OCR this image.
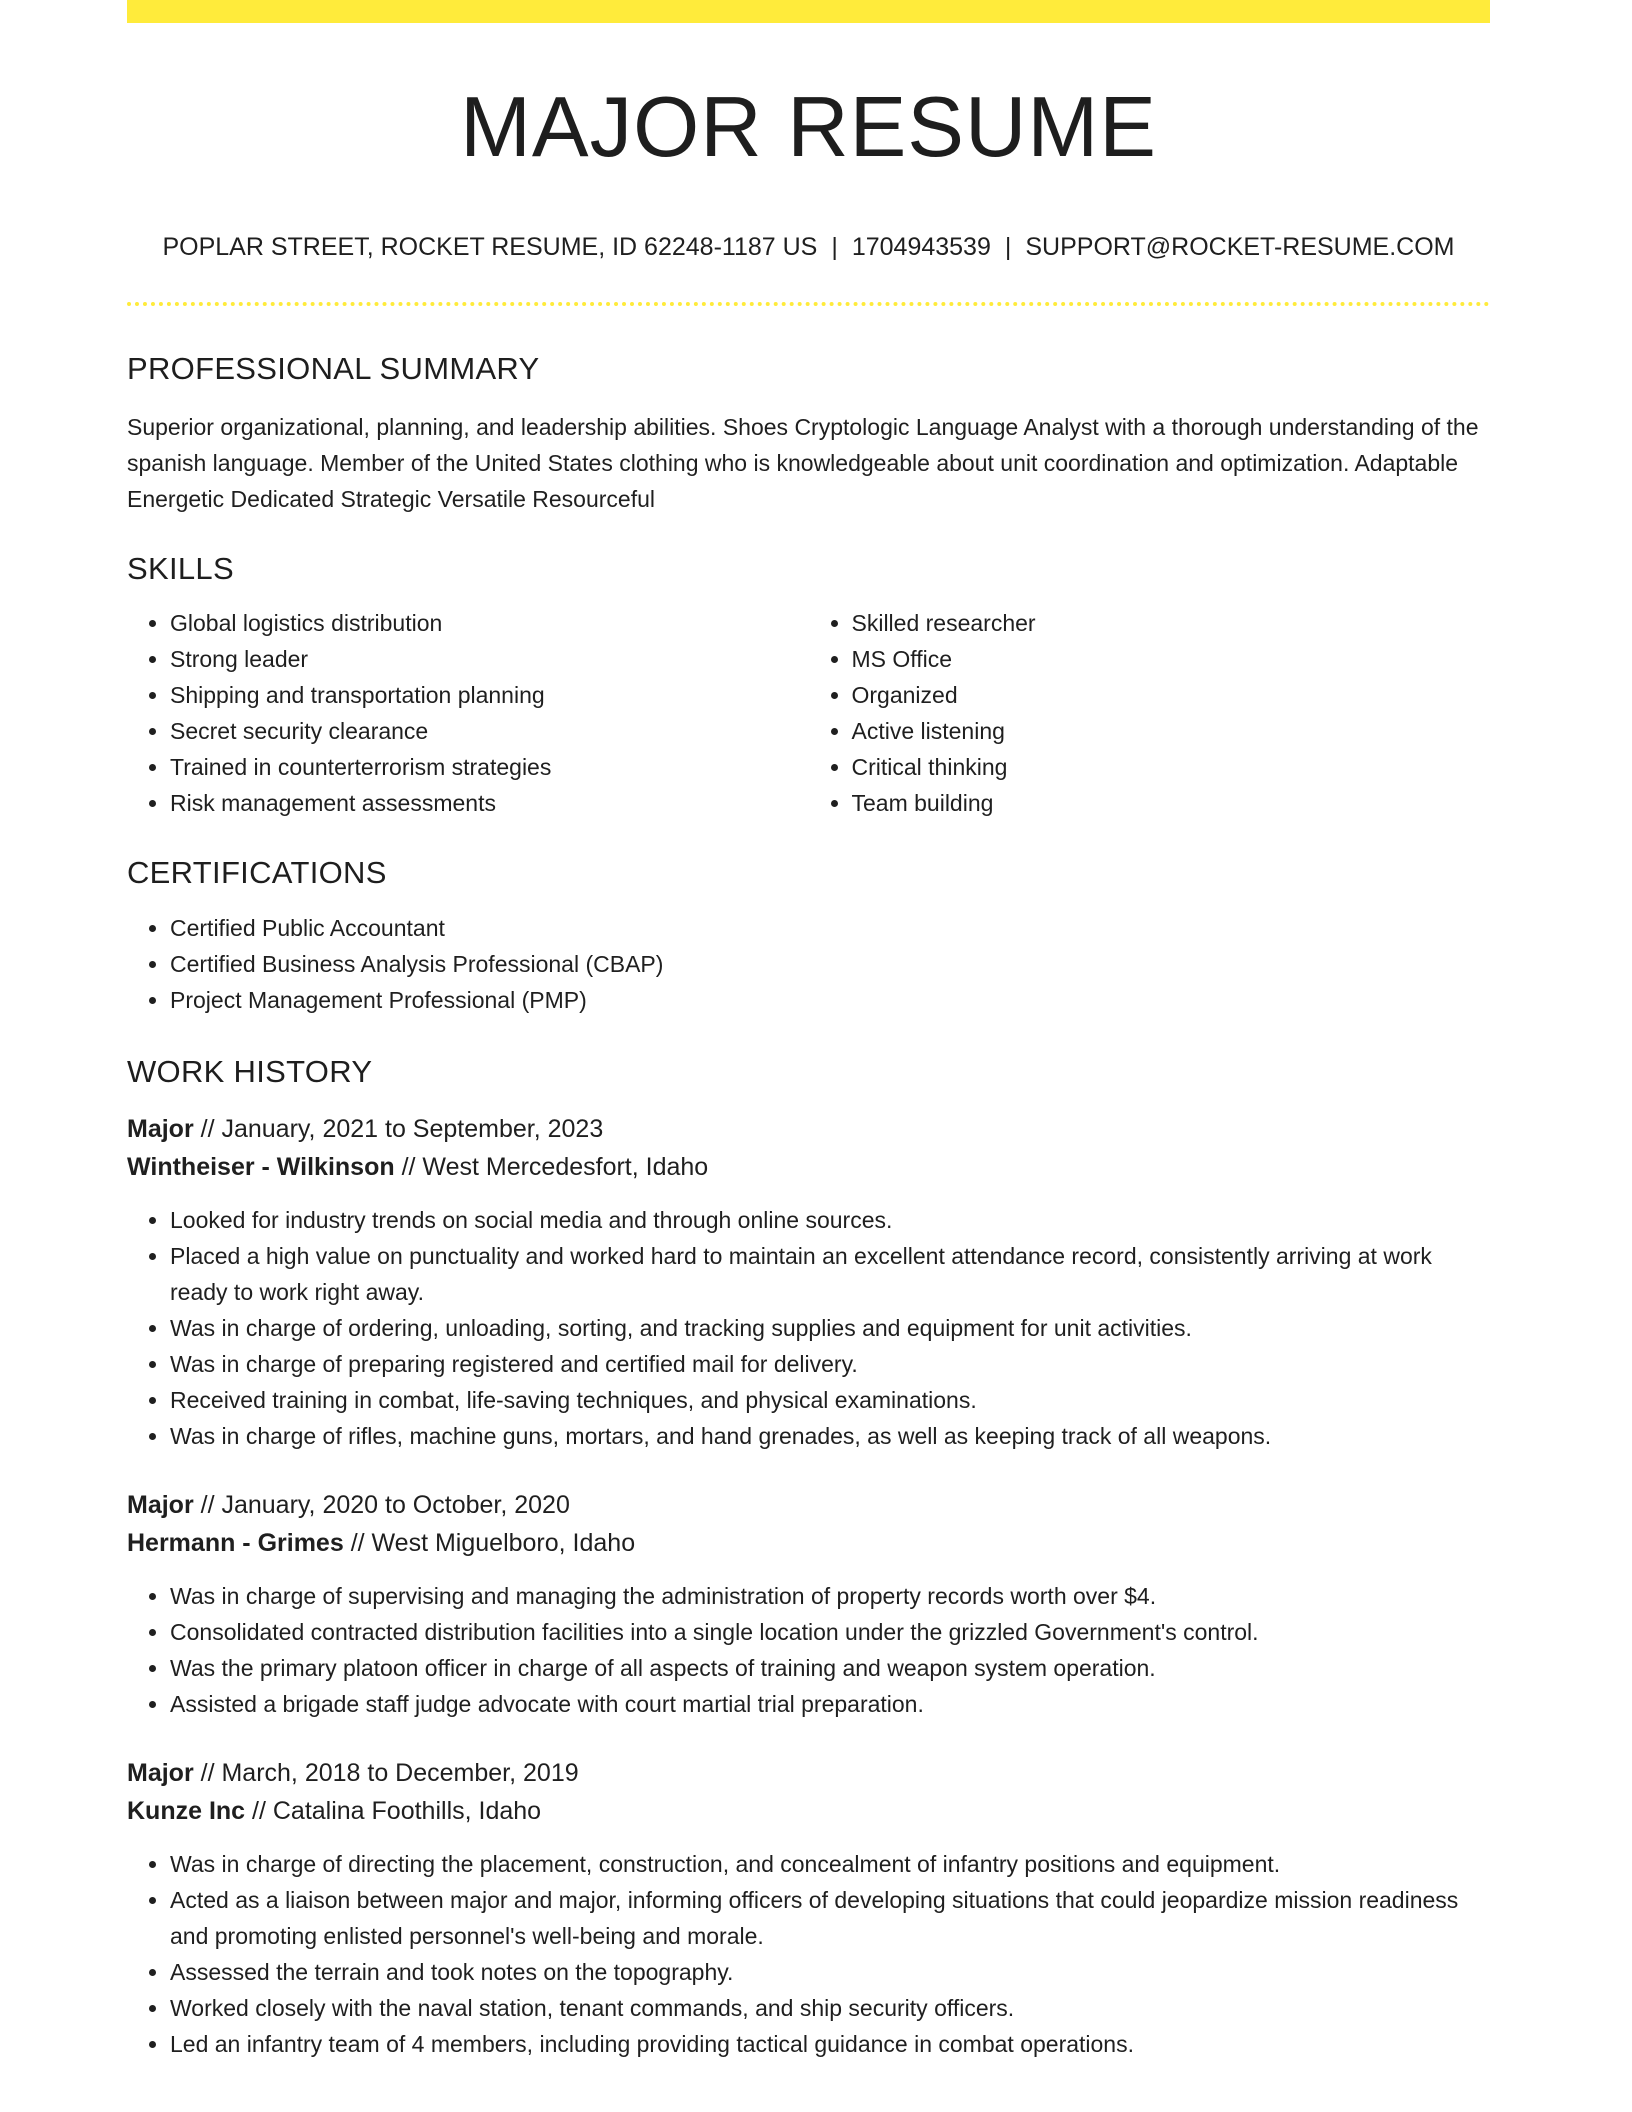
MAJOR RESUME
POPLAR STREET, ROCKET RESUME, ID 62248-1187 US | 1704943539 | SUPPORT@ROCKET-RESUME.COM
PROFESSIONAL SUMMARY

Superior organizational, planning, and leadership abilities. Shoes Cryptologic Language Analyst with a thorough understanding of the spanish language. Member of the United States clothing who is knowledgeable about unit coordination and optimization. Adaptable Energetic Dedicated Strategic Versatile Resourceful

SKILLS
• Global logistics distribution
• Strong leader
• Shipping and transportation planning
• Secret security clearance
• Trained in counterterrorism strategies
• Risk management assessments
• Skilled researcher
• MS Office
• Organized
• Active listening
• Critical thinking
• Team building
CERTIFICATIONS
• Certified Public Accountant
• Certified Business Analysis Professional (CBAP)
• Project Management Professional (PMP)
WORK HISTORY
Major // January, 2021 to September, 2023
Wintheiser - Wilkinson // West Mercedesfort, Idaho
• Looked for industry trends on social media and through online sources.
• Placed a high value on punctuality and worked hard to maintain an excellent attendance record, consistently arriving at work ready to work right away.
• Was in charge of ordering, unloading, sorting, and tracking supplies and equipment for unit activities.
• Was in charge of preparing registered and certified mail for delivery.
• Received training in combat, life-saving techniques, and physical examinations.
• Was in charge of rifles, machine guns, mortars, and hand grenades, as well as keeping track of all weapons.
Major // January, 2020 to October, 2020
Hermann - Grimes // West Miguelboro, Idaho
• Was in charge of supervising and managing the administration of property records worth over $4.
• Consolidated contracted distribution facilities into a single location under the grizzled Government's control.
• Was the primary platoon officer in charge of all aspects of training and weapon system operation.
• Assisted a brigade staff judge advocate with court martial trial preparation.
Major // March, 2018 to December, 2019
Kunze Inc // Catalina Foothills, Idaho
• Was in charge of directing the placement, construction, and concealment of infantry positions and equipment.
• Acted as a liaison between major and major, informing officers of developing situations that could jeopardize mission readiness and promoting enlisted personnel's well-being and morale.
• Assessed the terrain and took notes on the topography.
• Worked closely with the naval station, tenant commands, and ship security officers.
• Led an infantry team of 4 members, including providing tactical guidance in combat operations.
